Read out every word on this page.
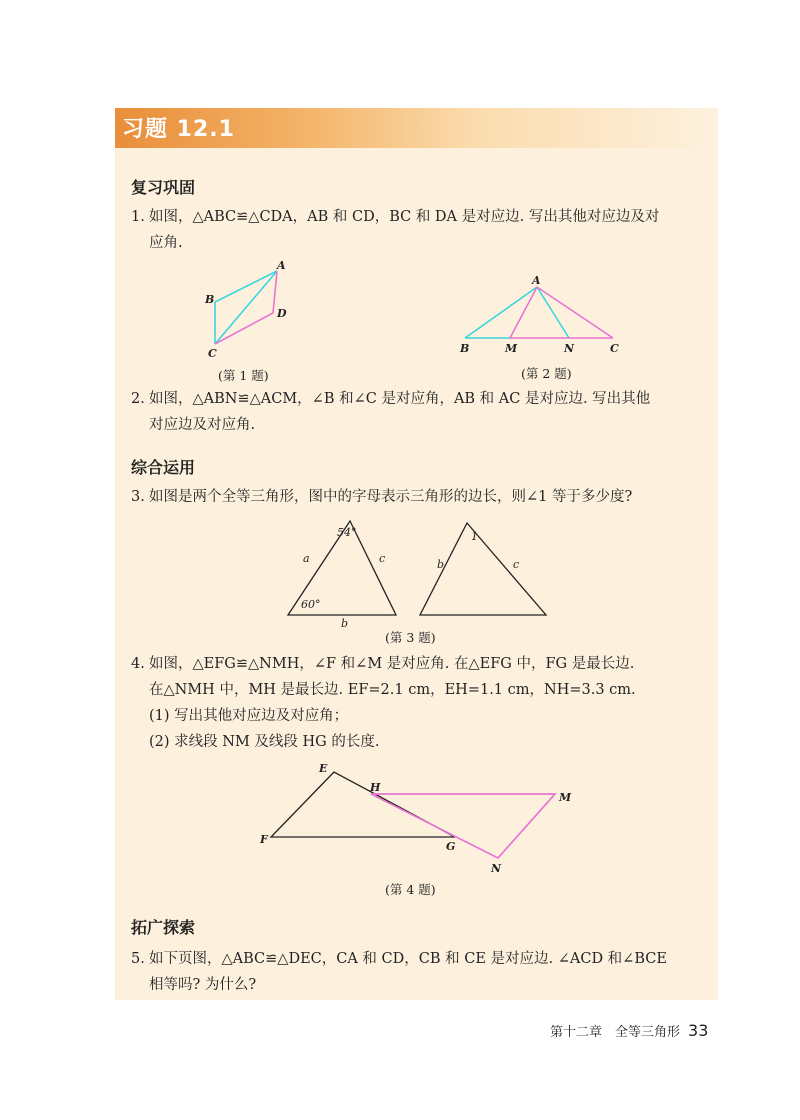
习题 12.1
复习巩固
1. 如图，△ABC≌△CDA，AB 和 CD，BC 和 DA 是对应边. 写出其他对应边及对
应角.
A
B
C
D
(第 1 题)
A
B	M	N	C
(第 2 题)
2. 如图，△ABN≌△ACM，∠B 和∠C 是对应角，AB 和 AC 是对应边. 写出其他
对应边及对应角.
综合运用
3. 如图是两个全等三角形，图中的字母表示三角形的边长，则∠1 等于多少度?
54°
60°
a	c
b
1
b	c
(第 3 题)
4. 如图，△EFG≌△NMH，∠F 和∠M 是对应角. 在△EFG 中，FG 是最长边.
在△NMH 中，MH 是最长边. EF=2.1 cm，EH=1.1 cm，NH=3.3 cm.
(1) 写出其他对应边及对应角；
(2) 求线段 NM 及线段 HG 的长度.
E
H
M
F
G
N
(第 4 题)
拓广探索
5. 如下页图，△ABC≌△DEC，CA 和 CD，CB 和 CE 是对应边. ∠ACD 和∠BCE
相等吗? 为什么?
第十二章　全等三角形 33
